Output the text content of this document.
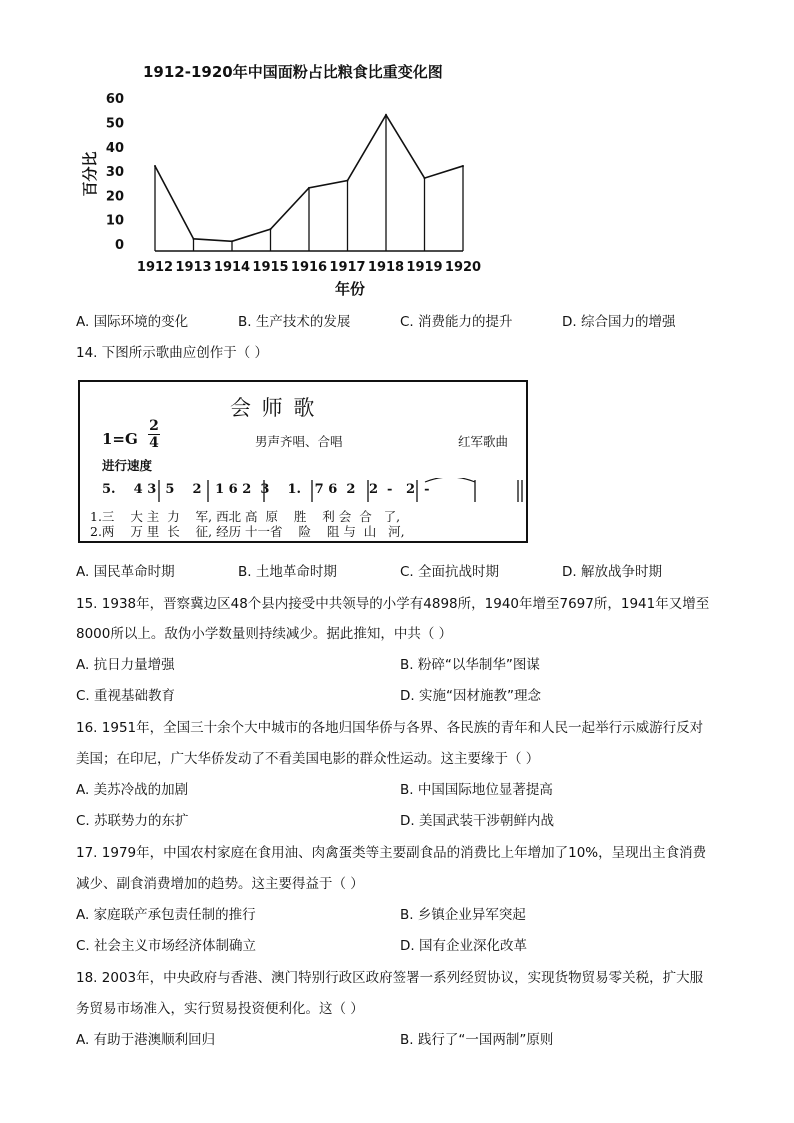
1912-1920年中国面粉占比粮食比重变化图
0
10
20
30
40
50
60
百分比
1912 1913 1914 1915 1916 1917 1918 1919 1920
年份
A. 国际环境的变化	B. 生产技术的发展	C. 消费能力的提升	D. 综合国力的增强
14. 下图所示歌曲应创作于（ ）
会 师 歌
1=G
2
4	男声齐唱、合唱	红军歌曲
进行速度
5.    4 3  5    2   1 6 2  3    1.   7 6  2   2  -   2  -
1.三    大 主  力    军, 西北 高  原    胜    利 会  合   了,
2.两    万 里  长    征, 经历 十一省    险    阻 与  山   河,
A. 国民革命时期	B. 土地革命时期	C. 全面抗战时期	D. 解放战争时期
15. 1938年，晋察冀边区48个县内接受中共领导的小学有4898所，1940年增至7697所，1941年又增至
8000所以上。敌伪小学数量则持续减少。据此推知，中共（ ）
A. 抗日力量增强	B. 粉碎“以华制华”图谋
C. 重视基础教育	D. 实施“因材施教”理念
16. 1951年，全国三十余个大中城市的各地归国华侨与各界、各民族的青年和人民一起举行示威游行反对
美国；在印尼，广大华侨发动了不看美国电影的群众性运动。这主要缘于（ ）
A. 美苏冷战的加剧	B. 中国国际地位显著提高
C. 苏联势力的东扩	D. 美国武装干涉朝鲜内战
17. 1979年，中国农村家庭在食用油、肉禽蛋类等主要副食品的消费比上年增加了10%，呈现出主食消费
减少、副食消费增加的趋势。这主要得益于（ ）
A. 家庭联产承包责任制的推行	B. 乡镇企业异军突起
C. 社会主义市场经济体制确立	D. 国有企业深化改革
18. 2003年，中央政府与香港、澳门特别行政区政府签署一系列经贸协议，实现货物贸易零关税，扩大服
务贸易市场准入，实行贸易投资便利化。这（ ）
A. 有助于港澳顺利回归	B. 践行了“一国两制”原则
